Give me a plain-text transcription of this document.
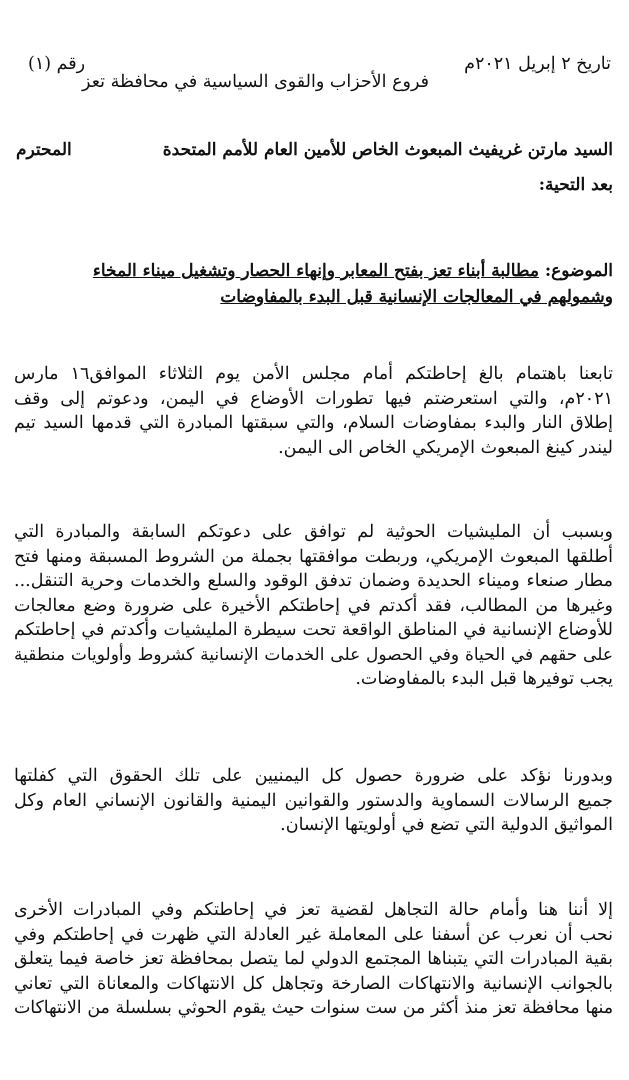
تاريخ ٢ إبريل ٢٠٢١م
رقم (١)
فروع الأحزاب والقوى السياسية في محافظة تعز
السيد مارتن غريفيث المبعوث الخاص للأمين العام للأمم المتحدة
المحترم
بعد التحية:
الموضوع: مطالبة أبناء تعز بفتح المعابر وإنهاء الحصار وتشغيل ميناء المخاء
وشمولهم في المعالجات الإنسانية قبل البدء بالمفاوضات
تابعنا باهتمام بالغ إحاطتكم أمام مجلس الأمن يوم الثلاثاء الموافق١٦ مارس
٢٠٢١م، والتي استعرضتم فيها تطورات الأوضاع في اليمن، ودعوتم إلى وقف
إطلاق النار والبدء بمفاوضات السلام، والتي سبقتها المبادرة التي قدمها السيد تيم
ليندر كينغ المبعوث الإمريكي الخاص الى اليمن.
وبسبب أن المليشيات الحوثية لم توافق على دعوتكم السابقة والمبادرة التي
أطلقها المبعوث الإمريكي، وربطت موافقتها بجملة من الشروط المسبقة ومنها فتح
مطار صنعاء وميناء الحديدة وضمان تدفق الوقود والسلع والخدمات وحرية التنقل...
وغيرها من المطالب، فقد أكدتم في إحاطتكم الأخيرة على ضرورة وضع معالجات
للأوضاع الإنسانية في المناطق الواقعة تحت سيطرة المليشيات وأكدتم في إحاطتكم
على حقهم في الحياة وفي الحصول على الخدمات الإنسانية كشروط وأولويات منطقية
يجب توفيرها قبل البدء بالمفاوضات.
وبدورنا نؤكد على ضرورة حصول كل اليمنيين على تلك الحقوق التي كفلتها
جميع الرسالات السماوية والدستور والقوانين اليمنية والقانون الإنساني العام وكل
المواثيق الدولية التي تضع في أولويتها الإنسان.
إلا أننا هنا وأمام حالة التجاهل لقضية تعز في إحاطتكم وفي المبادرات الأخرى
نحب أن نعرب عن أسفنا على المعاملة غير العادلة التي ظهرت في إحاطتكم وفي
بقية المبادرات التي يتبناها المجتمع الدولي لما يتصل بمحافظة تعز خاصة فيما يتعلق
بالجوانب الإنسانية والانتهاكات الصارخة وتجاهل كل الانتهاكات والمعاناة التي تعاني
منها محافظة تعز منذ أكثر من ست سنوات حيث يقوم الحوثي بسلسلة من الانتهاكات
